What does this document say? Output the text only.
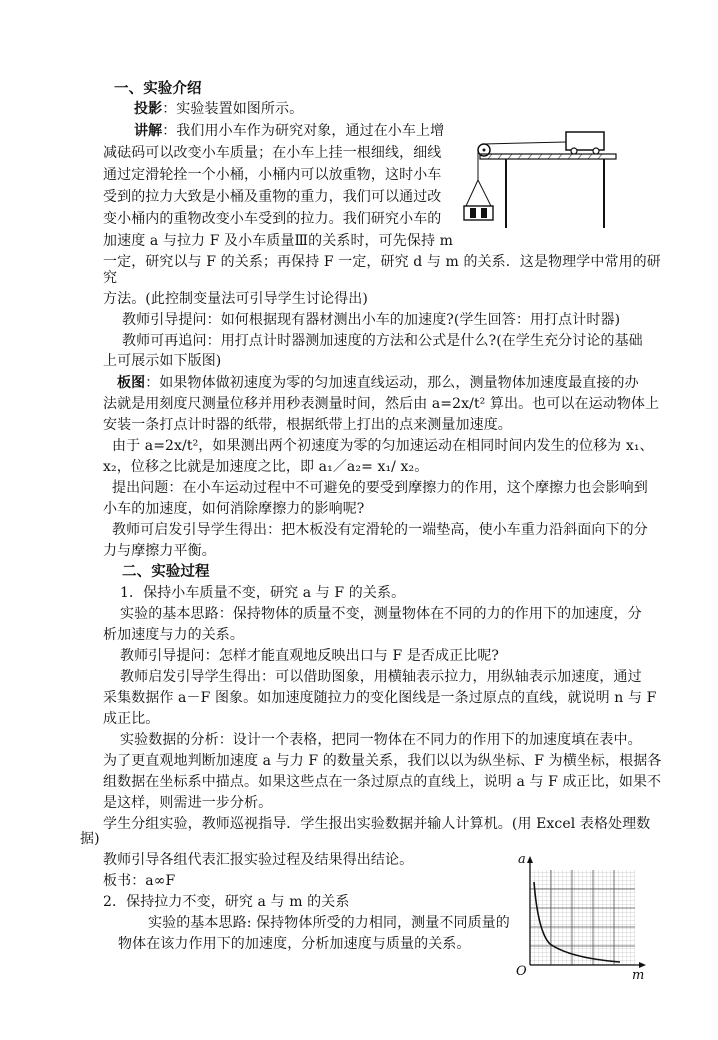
一、实验介绍
投影：实验装置如图所示。
讲解：我们用小车作为研究对象，通过在小车上增
减砝码可以改变小车质量；在小车上挂一根细线，细线
通过定滑轮拴一个小桶，小桶内可以放重物，这时小车
受到的拉力大致是小桶及重物的重力，我们可以通过改
变小桶内的重物改变小车受到的拉力。我们研究小车的
加速度 a 与拉力 F 及小车质量Ⅲ的关系时，可先保持 m
一定，研究以与 F 的关系；再保持 F 一定，研究 d 与 m 的关系．这是物理学中常用的研
究
方法。(此控制变量法可引导学生讨论得出)
教师引导提问：如何根据现有器材测出小车的加速度?(学生回答：用打点计时器)
教师可再追问：用打点计时器测加速度的方法和公式是什么?(在学生充分讨论的基础
上可展示如下版图)
板图：如果物体做初速度为零的匀加速直线运动，那么，测量物体加速度最直接的办
法就是用刻度尺测量位移并用秒表测量时间，然后由 a=2x/t² 算出。也可以在运动物体上
安装一条打点计时器的纸带，根据纸带上打出的点来测量加速度。
由于 a=2x/t²，如果测出两个初速度为零的匀加速运动在相同时间内发生的位移为 x₁、
x₂，位移之比就是加速度之比，即 a₁／a₂= x₁/ x₂。
提出问题：在小车运动过程中不可避免的要受到摩擦力的作用，这个摩擦力也会影响到
小车的加速度，如何消除摩擦力的影响呢?
教师可启发引导学生得出：把木板没有定滑轮的一端垫高，使小车重力沿斜面向下的分
力与摩擦力平衡。
二、实验过程
1．保持小车质量不变，研究 a 与 F 的关系。
实验的基本思路：保持物体的质量不变，测量物体在不同的力的作用下的加速度，分
析加速度与力的关系。
教师引导提问：怎样才能直观地反映出口与 F 是否成正比呢?
教师启发引导学生得出：可以借助图象，用横轴表示拉力，用纵轴表示加速度，通过
采集数据作 a－F 图象。如加速度随拉力的变化图线是一条过原点的直线，就说明 n 与 F
成正比。
实验数据的分析：设计一个表格，把同一物体在不同力的作用下的加速度填在表中。
为了更直观地判断加速度 a 与力 F 的数量关系，我们以以为纵坐标、F 为横坐标，根据各
组数据在坐标系中描点。如果这些点在一条过原点的直线上，说明 a 与 F 成正比，如果不
是这样，则需进一步分析。
学生分组实验，教师巡视指导．学生报出实验数据并输人计算机。(用 Excel 表格处理数
据)
教师引导各组代表汇报实验过程及结果得出结论。
板书：a∞F
2．保持拉力不变，研究 a 与 m 的关系
实验的基本思路: 保持物体所受的力相同，测量不同质量的
物体在该力作用下的加速度，分析加速度与质量的关系。
a
m
O
